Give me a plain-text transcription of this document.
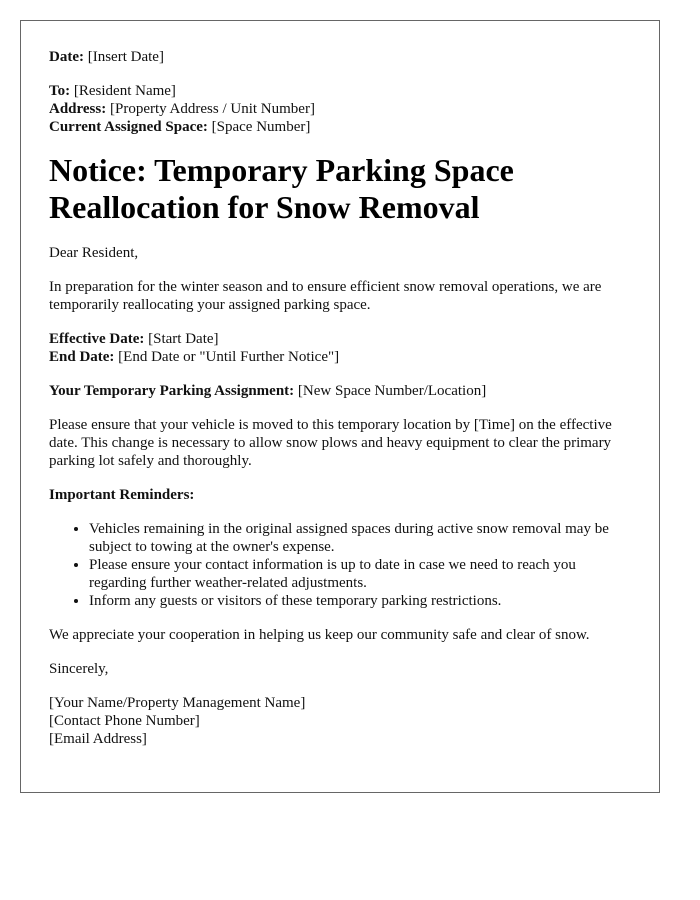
Date: [Insert Date]
To: [Resident Name]
Address: [Property Address / Unit Number]
Current Assigned Space: [Space Number]
Notice: Temporary Parking Space Reallocation for Snow Removal

Dear Resident,

In preparation for the winter season and to ensure efficient snow removal operations, we are temporarily reallocating your assigned parking space.

Effective Date: [Start Date]
End Date: [End Date or "Until Further Notice"]

Your Temporary Parking Assignment: [New Space Number/Location]

Please ensure that your vehicle is moved to this temporary location by [Time] on the effective date. This change is necessary to allow snow plows and heavy equipment to clear the primary parking lot safely and thoroughly.

Important Reminders:

• Vehicles remaining in the original assigned spaces during active snow removal may be subject to towing at the owner's expense.
• Please ensure your contact information is up to date in case we need to reach you regarding further weather-related adjustments.
• Inform any guests or visitors of these temporary parking restrictions.

We appreciate your cooperation in helping us keep our community safe and clear of snow.

Sincerely,

[Your Name/Property Management Name]
[Contact Phone Number]
[Email Address]
